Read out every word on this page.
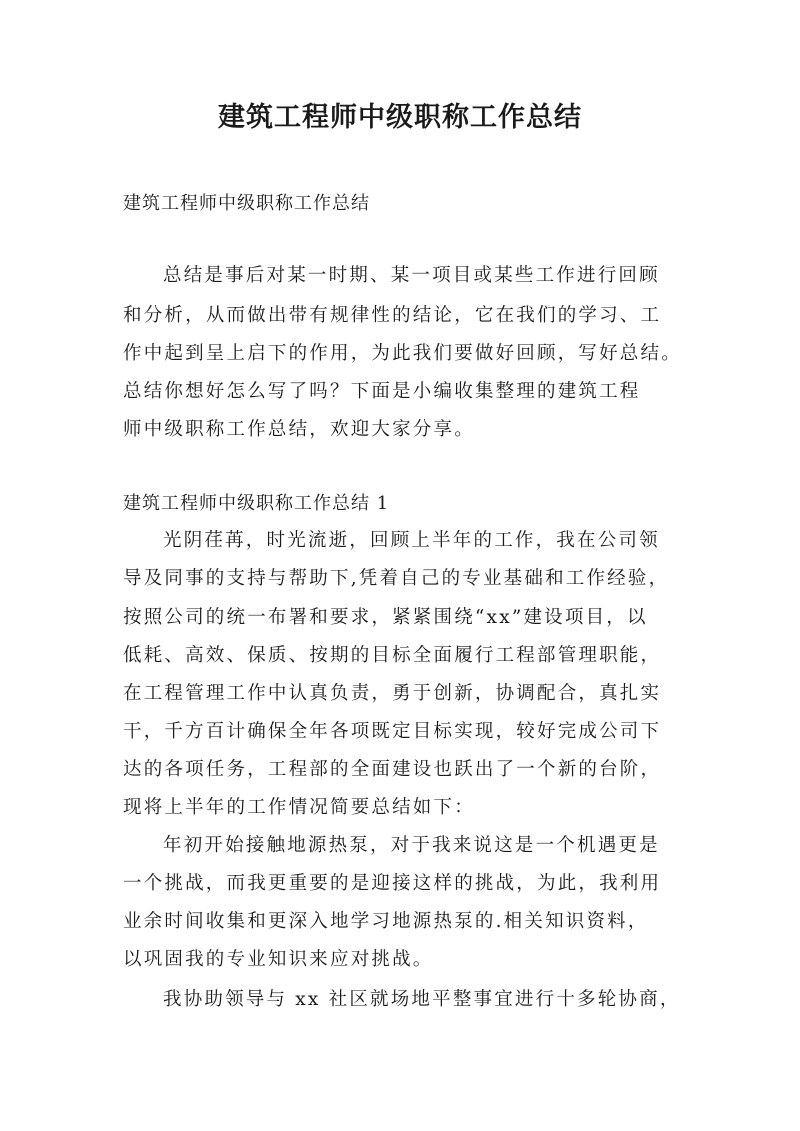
建筑工程师中级职称工作总结
建筑工程师中级职称工作总结
总结是事后对某一时期、某一项目或某些工作进行回顾
和分析，从而做出带有规律性的结论，它在我们的学习、工
作中起到呈上启下的作用，为此我们要做好回顾，写好总结。
总结你想好怎么写了吗？下面是小编收集整理的建筑工程
师中级职称工作总结，欢迎大家分享。
建筑工程师中级职称工作总结 1
光阴荏苒，时光流逝，回顾上半年的工作，我在公司领
导及同事的支持与帮助下,凭着自己的专业基础和工作经验，
按照公司的统一布署和要求，紧紧围绕“xx”建设项目，以
低耗、高效、保质、按期的目标全面履行工程部管理职能，
在工程管理工作中认真负责，勇于创新，协调配合，真扎实
干，千方百计确保全年各项既定目标实现，较好完成公司下
达的各项任务，工程部的全面建设也跃出了一个新的台阶，
现将上半年的工作情况简要总结如下：
年初开始接触地源热泵，对于我来说这是一个机遇更是
一个挑战，而我更重要的是迎接这样的挑战，为此，我利用
业余时间收集和更深入地学习地源热泵的.相关知识资料，
以巩固我的专业知识来应对挑战。
我协助领导与 xx 社区就场地平整事宜进行十多轮协商，
